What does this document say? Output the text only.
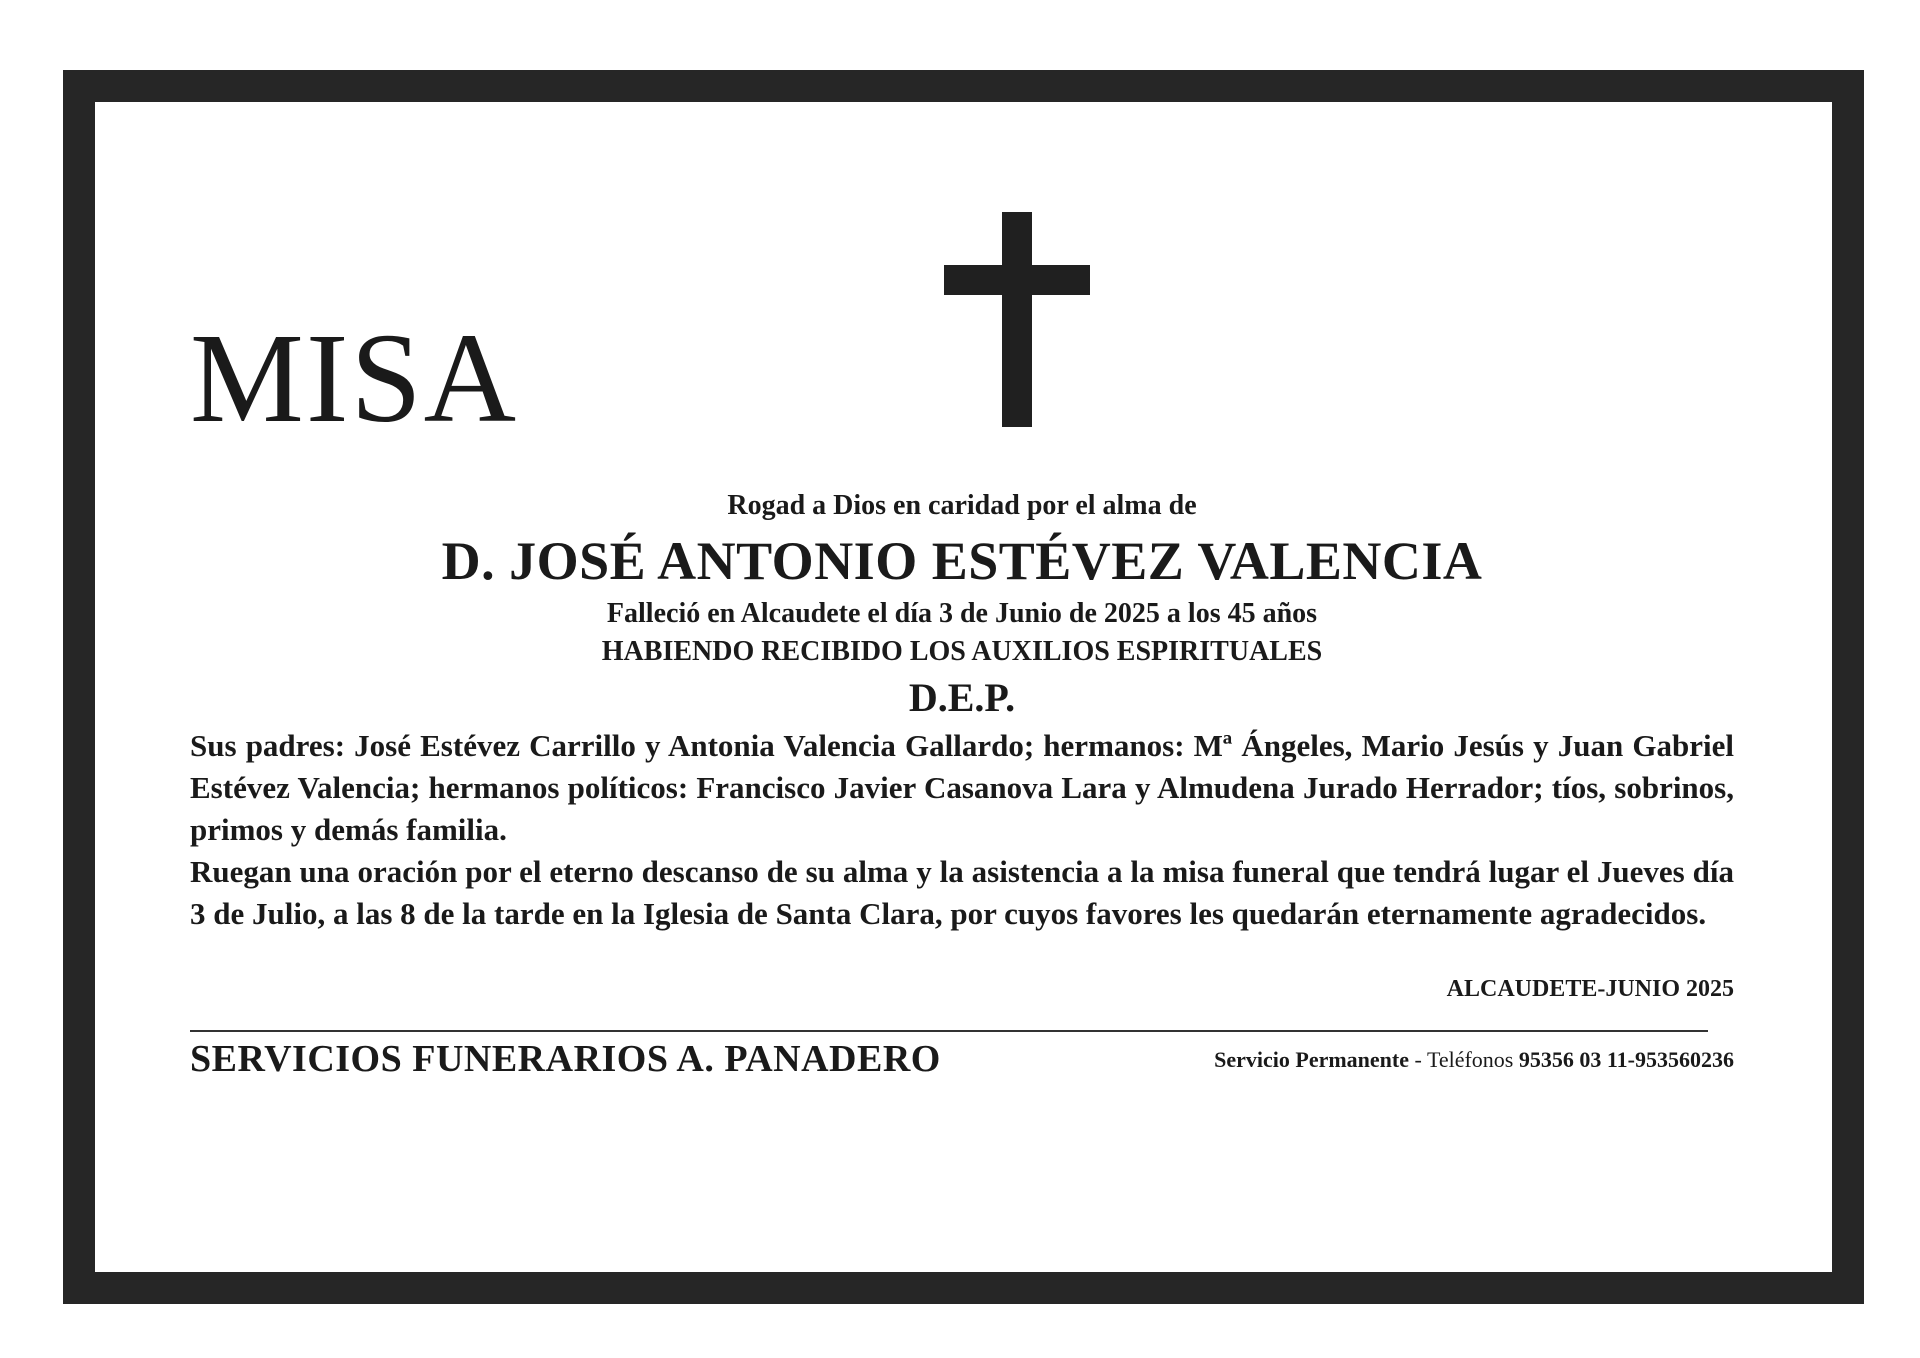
MISA
Rogad a Dios en caridad por el alma de
D. JOSÉ ANTONIO ESTÉVEZ VALENCIA
Falleció en Alcaudete el día 3 de Junio de 2025 a los 45 años
HABIENDO RECIBIDO LOS AUXILIOS ESPIRITUALES
D.E.P.

Sus padres: José Estévez Carrillo y Antonia Valencia Gallardo; hermanos: Mª Ángeles, Mario Jesús y Juan Gabriel Estévez Valencia; hermanos políticos: Francisco Javier Casanova Lara y Almudena Jurado Herrador; tíos, sobrinos, primos y demás familia.

Ruegan una oración por el eterno descanso de su alma y la asistencia a la misa funeral que tendrá lugar el Jueves día 3 de Julio, a las 8 de la tarde en la Iglesia de Santa Clara, por cuyos favores les quedarán eternamente agradecidos.

ALCAUDETE-JUNIO 2025
SERVICIOS FUNERARIOS A. PANADERO	Servicio Permanente - Teléfonos 95356 03 11-953560236
